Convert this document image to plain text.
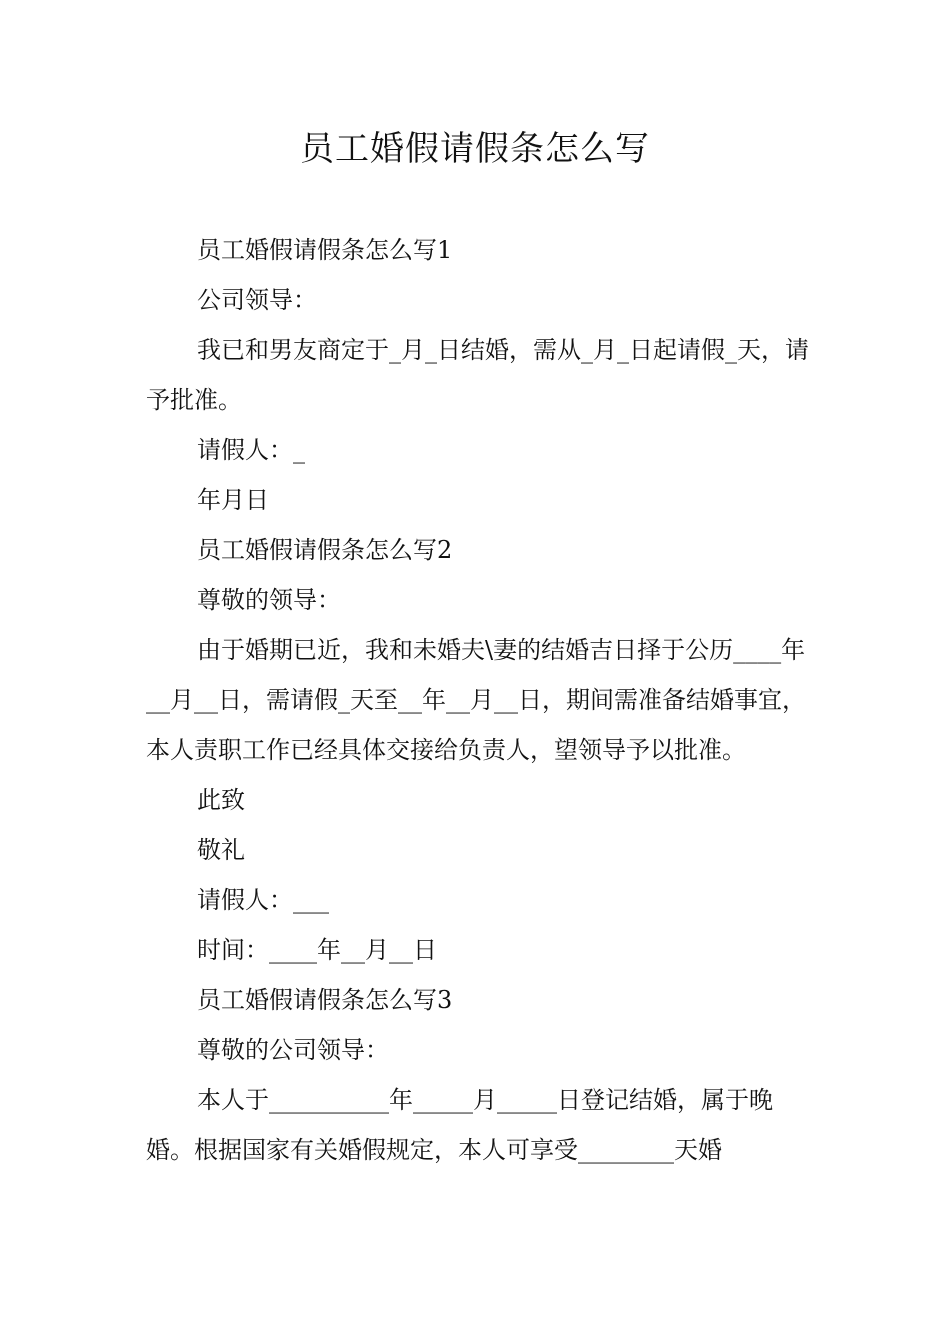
员工婚假请假条怎么写

员工婚假请假条怎么写1

公司领导：

我已和男友商定于_月_日结婚，需从_月_日起请假_天，请予批准。

请假人：_

年月日

员工婚假请假条怎么写2

尊敬的领导：

由于婚期已近，我和未婚夫\妻的结婚吉日择于公历____年__月__日，需请假_天至__年__月__日，期间需准备结婚事宜，本人责职工作已经具体交接给负责人，望领导予以批准。

此致

敬礼

请假人：___

时间：____年__月__日

员工婚假请假条怎么写3

尊敬的公司领导：

本人于__________年_____月_____日登记结婚，属于晚婚。根据国家有关婚假规定，本人可享受________天婚
